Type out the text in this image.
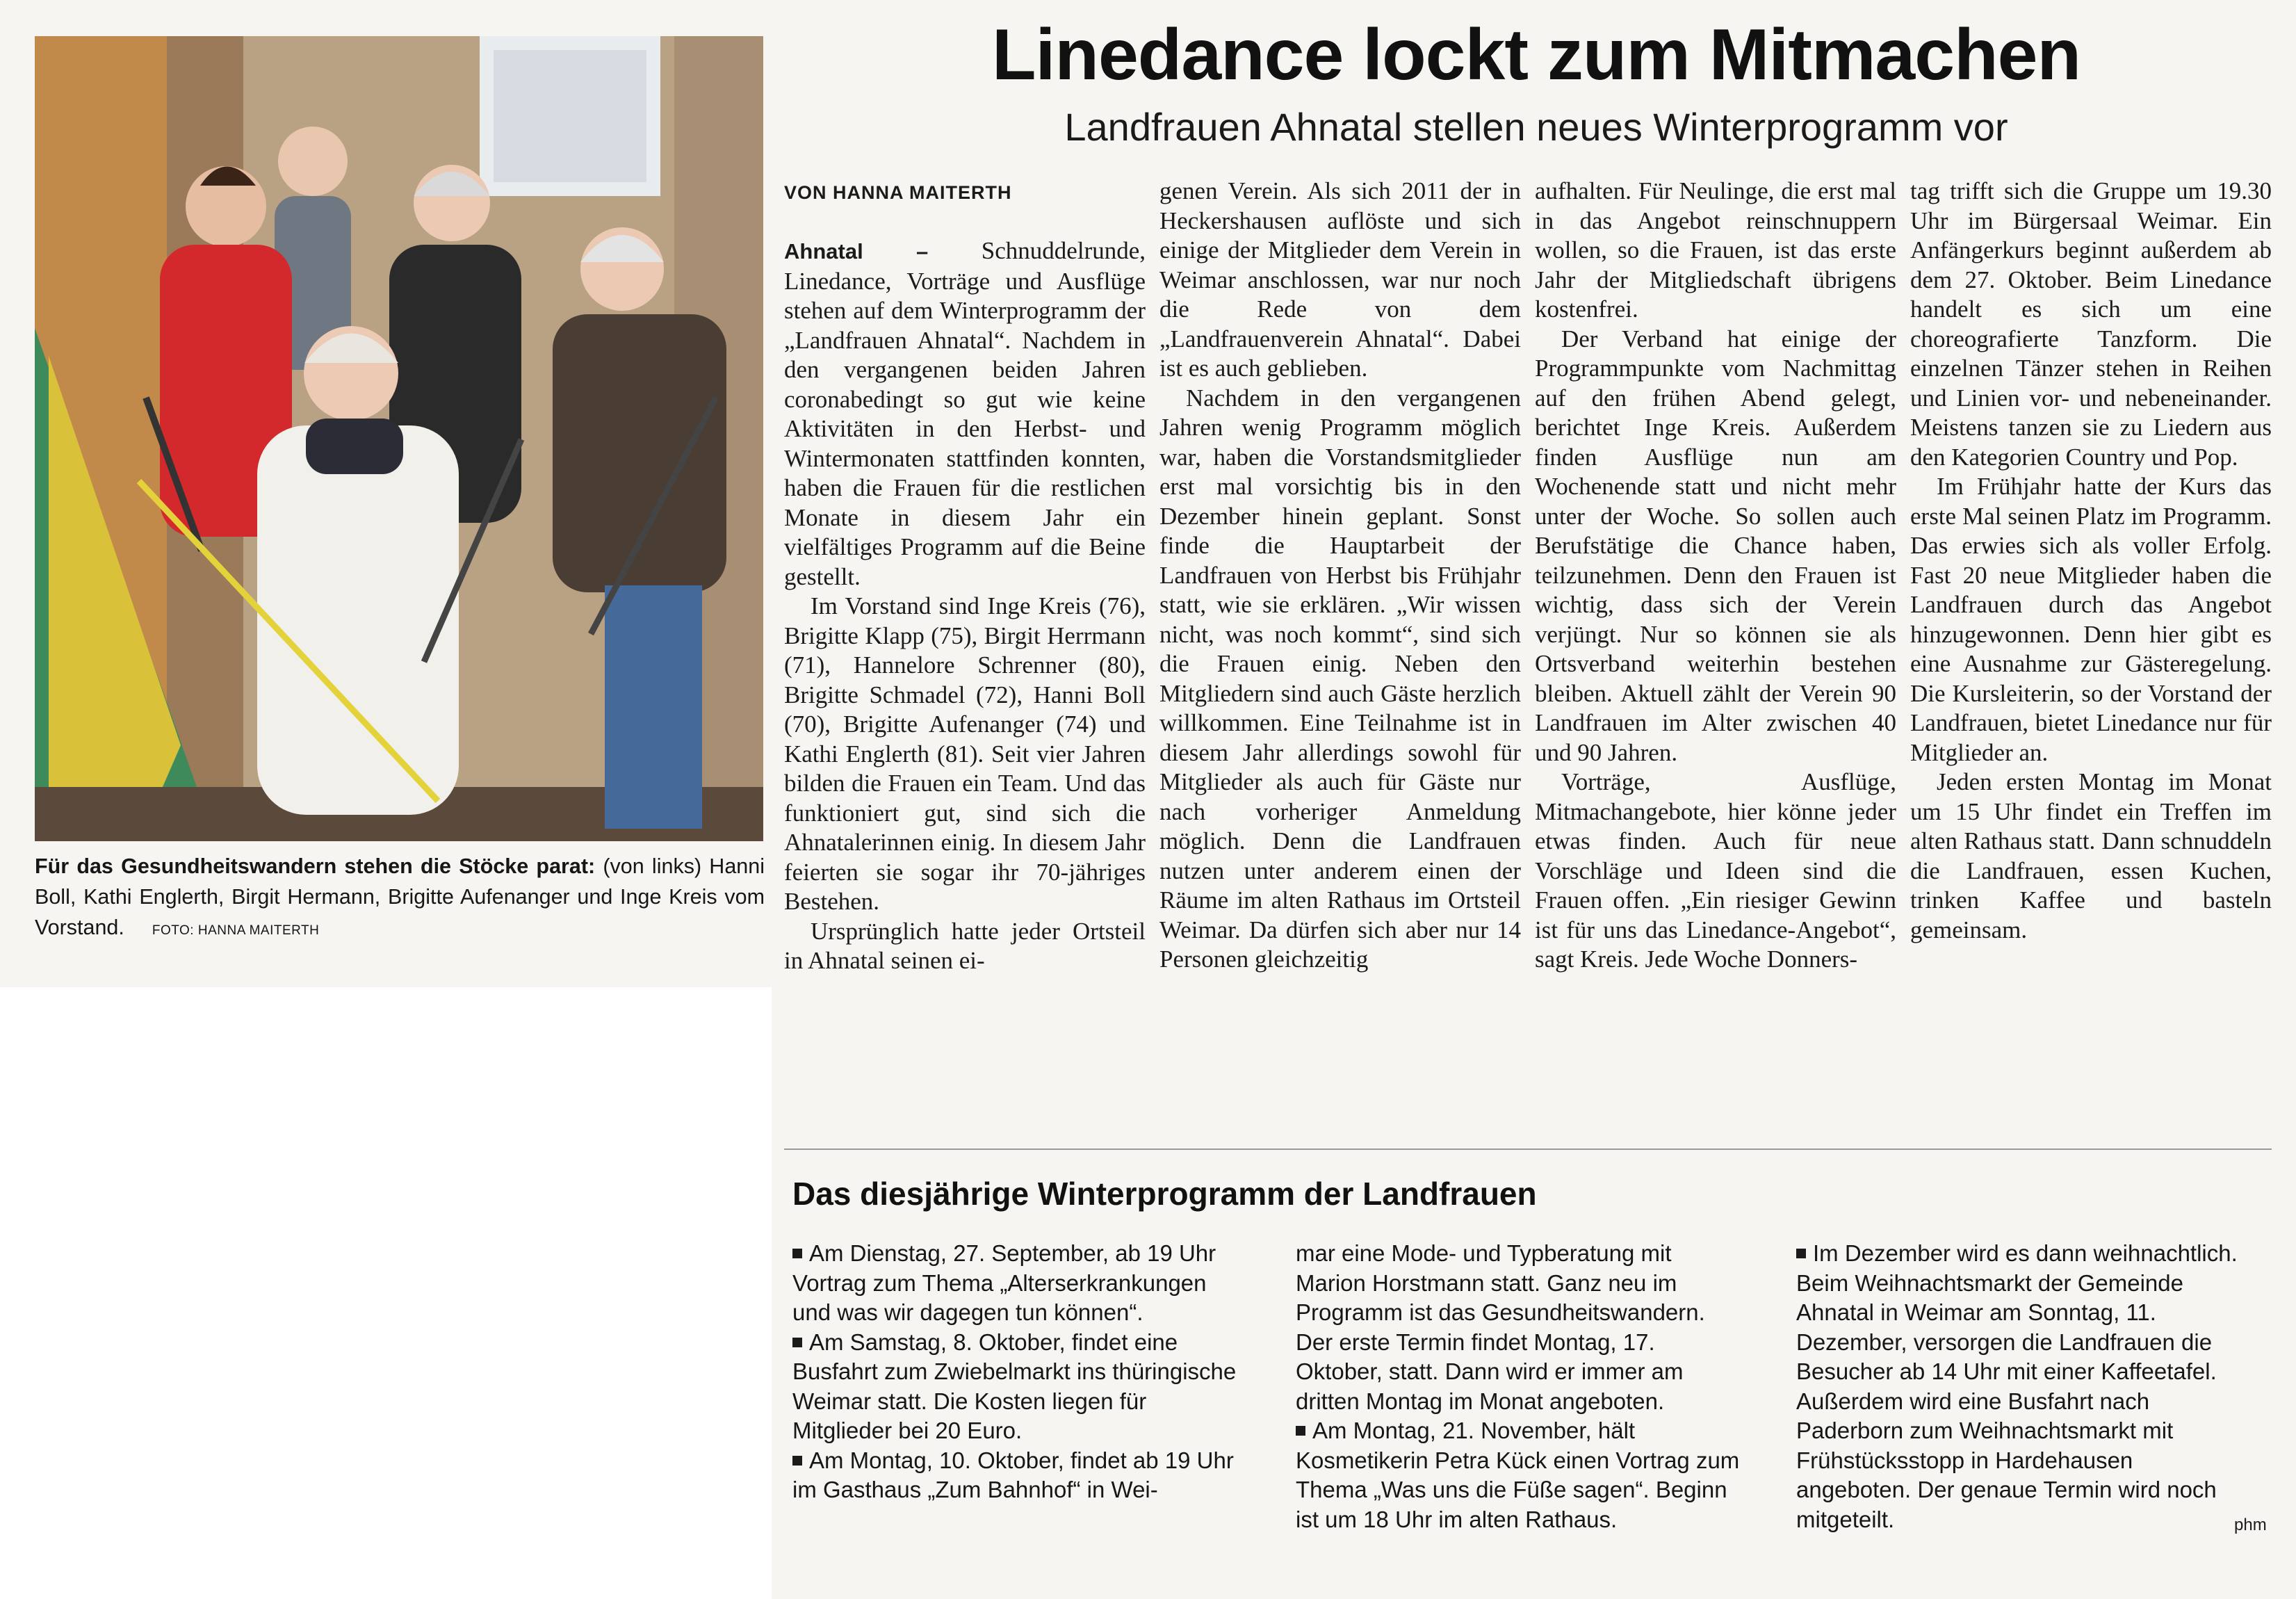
Für das Gesundheitswandern stehen die Stöcke parat: (von links) Hanni Boll, Kathi Englerth, Birgit Hermann, Brigitte Aufenanger und Inge Kreis vom Vorstand. FOTO: HANNA MAITERTH
Linedance lockt zum Mitmachen
Landfrauen Ahnatal stellen neues Winterprogramm vor
VON HANNA MAITERTH

Ahnatal – Schnuddelrunde, Linedance, Vorträge und Ausflüge stehen auf dem Winterprogramm der „Landfrauen Ahnatal“. Nachdem in den vergangenen beiden Jahren coronabedingt so gut wie keine Aktivitäten in den Herbst- und Wintermonaten stattfinden konnten, haben die Frauen für die restlichen Monate in diesem Jahr ein vielfältiges Programm auf die Beine gestellt.

Im Vorstand sind Inge Kreis (76), Brigitte Klapp (75), Birgit Herrmann (71), Hannelore Schrenner (80), Brigitte Schmadel (72), Hanni Boll (70), Brigitte Aufenanger (74) und Kathi Englerth (81). Seit vier Jahren bilden die Frauen ein Team. Und das funktioniert gut, sind sich die Ahnatalerinnen einig. In diesem Jahr feierten sie sogar ihr 70-jähriges Bestehen.

Ursprünglich hatte jeder Ortsteil in Ahnatal seinen ei-

genen Verein. Als sich 2011 der in Heckershausen auflöste und sich einige der Mitglieder dem Verein in Weimar anschlossen, war nur noch die Rede von dem „Landfrauenverein Ahnatal“. Dabei ist es auch geblieben.

Nachdem in den vergangenen Jahren wenig Programm möglich war, haben die Vorstandsmitglieder erst mal vorsichtig bis in den Dezember hinein geplant. Sonst finde die Hauptarbeit der Landfrauen von Herbst bis Frühjahr statt, wie sie erklären. „Wir wissen nicht, was noch kommt“, sind sich die Frauen einig. Neben den Mitgliedern sind auch Gäste herzlich willkommen. Eine Teilnahme ist in diesem Jahr allerdings sowohl für Mitglieder als auch für Gäste nur nach vorheriger Anmeldung möglich. Denn die Landfrauen nutzen unter anderem einen der Räume im alten Rathaus im Ortsteil Weimar. Da dürfen sich aber nur 14 Personen gleichzeitig

aufhalten. Für Neulinge, die erst mal in das Angebot reinschnuppern wollen, so die Frauen, ist das erste Jahr der Mitgliedschaft übrigens kostenfrei.

Der Verband hat einige der Programmpunkte vom Nachmittag auf den frühen Abend gelegt, berichtet Inge Kreis. Außerdem finden Ausflüge nun am Wochenende statt und nicht mehr unter der Woche. So sollen auch Berufstätige die Chance haben, teilzunehmen. Denn den Frauen ist wichtig, dass sich der Verein verjüngt. Nur so können sie als Ortsverband weiterhin bestehen bleiben. Aktuell zählt der Verein 90 Landfrauen im Alter zwischen 40 und 90 Jahren.

Vorträge, Ausflüge, Mitmachangebote, hier könne jeder etwas finden. Auch für neue Vorschläge und Ideen sind die Frauen offen. „Ein riesiger Gewinn ist für uns das Linedance-Angebot“, sagt Kreis. Jede Woche Donners-

tag trifft sich die Gruppe um 19.30 Uhr im Bürgersaal Weimar. Ein Anfängerkurs beginnt außerdem ab dem 27. Oktober. Beim Linedance handelt es sich um eine choreografierte Tanzform. Die einzelnen Tänzer stehen in Reihen und Linien vor- und nebeneinander. Meistens tanzen sie zu Liedern aus den Kategorien Country und Pop.

Im Frühjahr hatte der Kurs das erste Mal seinen Platz im Programm. Das erwies sich als voller Erfolg. Fast 20 neue Mitglieder haben die Landfrauen durch das Angebot hinzugewonnen. Denn hier gibt es eine Ausnahme zur Gästeregelung. Die Kursleiterin, so der Vorstand der Landfrauen, bietet Linedance nur für Mitglieder an.

Jeden ersten Montag im Monat um 15 Uhr findet ein Treffen im alten Rathaus statt. Dann schnuddeln die Landfrauen, essen Kuchen, trinken Kaffee und basteln gemeinsam.

Das diesjährige Winterprogramm der Landfrauen

Am Dienstag, 27. September, ab 19 Uhr Vortrag zum Thema „Alterserkrankungen und was wir dagegen tun können“.

Am Samstag, 8. Oktober, findet eine Busfahrt zum Zwiebelmarkt ins thüringische Weimar statt. Die Kosten liegen für Mitglieder bei 20 Euro.

Am Montag, 10. Oktober, findet ab 19 Uhr im Gasthaus „Zum Bahnhof“ in Wei-

mar eine Mode- und Typberatung mit Marion Horstmann statt. Ganz neu im Programm ist das Gesundheitswandern. Der erste Termin findet Montag, 17. Oktober, statt. Dann wird er immer am dritten Montag im Monat angeboten.

Am Montag, 21. November, hält Kosmetikerin Petra Kück einen Vortrag zum Thema „Was uns die Füße sagen“. Beginn ist um 18 Uhr im alten Rathaus.

Im Dezember wird es dann weihnachtlich. Beim Weihnachtsmarkt der Gemeinde Ahnatal in Weimar am Sonntag, 11. Dezember, versorgen die Landfrauen die Besucher ab 14 Uhr mit einer Kaffeetafel. Außerdem wird eine Busfahrt nach Paderborn zum Weihnachtsmarkt mit Frühstücksstopp in Hardehausen angeboten. Der genaue Termin wird noch mitgeteilt.	phm
